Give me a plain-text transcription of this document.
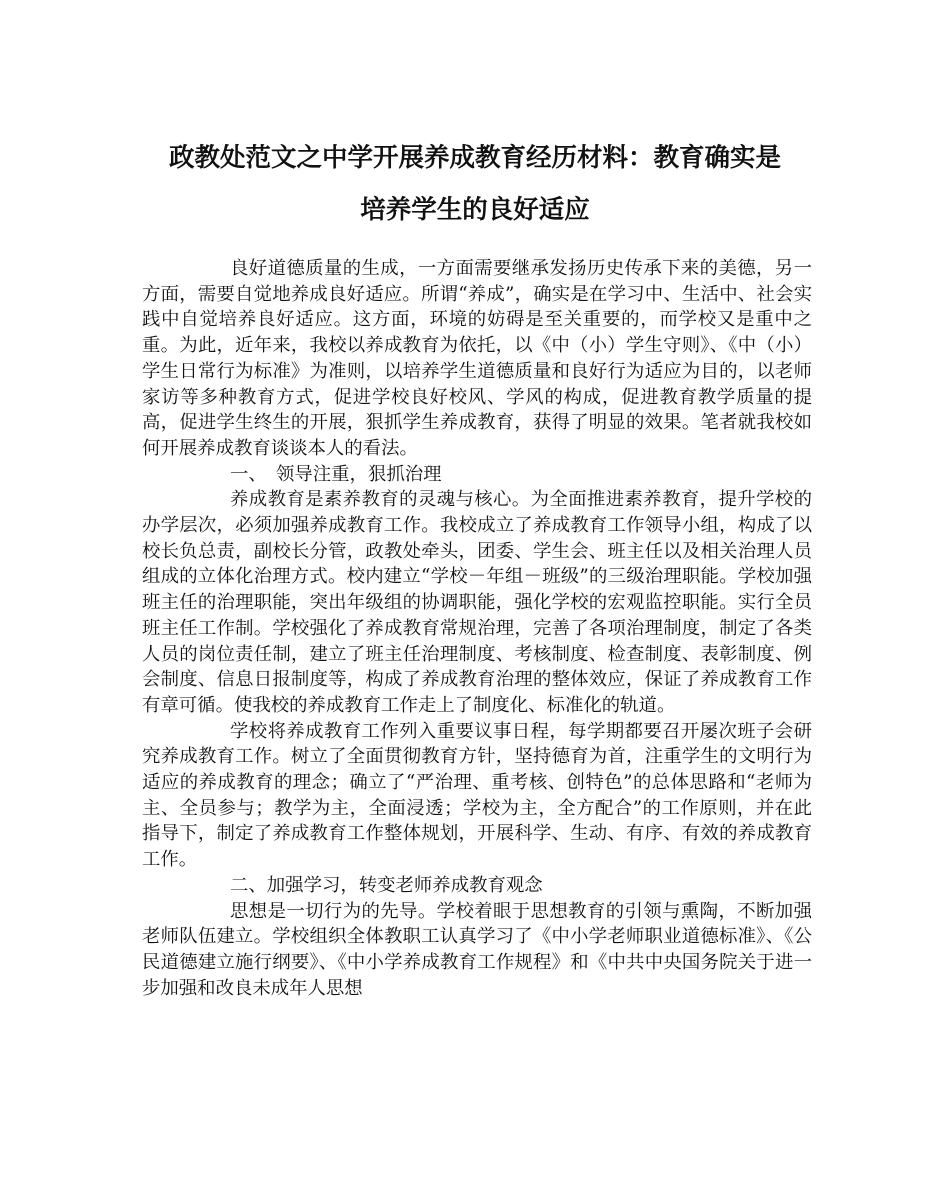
政教处范文之中学开展养成教育经历材料：教育确实是
培养学生的良好适应

良好道德质量的生成，一方面需要继承发扬历史传承下来的美德，另一方面，需要自觉地养成良好适应。所谓“养成”，确实是在学习中、生活中、社会实践中自觉培养良好适应。这方面，环境的妨碍是至关重要的，而学校又是重中之重。为此，近年来，我校以养成教育为依托，以《中（小）学生守则》、《中（小）学生日常行为标准》为准则，以培养学生道德质量和良好行为适应为目的，以老师家访等多种教育方式，促进学校良好校风、学风的构成，促进教育教学质量的提高，促进学生终生的开展，狠抓学生养成教育，获得了明显的效果。笔者就我校如何开展养成教育谈谈本人的看法。

一、　领导注重，狠抓治理

养成教育是素养教育的灵魂与核心。为全面推进素养教育，提升学校的办学层次，必须加强养成教育工作。我校成立了养成教育工作领导小组，构成了以校长负总责，副校长分管，政教处牵头，团委、学生会、班主任以及相关治理人员组成的立体化治理方式。校内建立“学校－年组－班级”的三级治理职能。学校加强班主任的治理职能，突出年级组的协调职能，强化学校的宏观监控职能。实行全员班主任工作制。学校强化了养成教育常规治理，完善了各项治理制度，制定了各类人员的岗位责任制，建立了班主任治理制度、考核制度、检查制度、表彰制度、例会制度、信息日报制度等，构成了养成教育治理的整体效应，保证了养成教育工作有章可循。使我校的养成教育工作走上了制度化、标准化的轨道。

学校将养成教育工作列入重要议事日程，每学期都要召开屡次班子会研究养成教育工作。树立了全面贯彻教育方针，坚持德育为首，注重学生的文明行为适应的养成教育的理念；确立了“严治理、重考核、创特色”的总体思路和“老师为主、全员参与；教学为主，全面浸透；学校为主，全方配合”的工作原则，并在此指导下，制定了养成教育工作整体规划，开展科学、生动、有序、有效的养成教育工作。

二、加强学习，转变老师养成教育观念

思想是一切行为的先导。学校着眼于思想教育的引领与熏陶，不断加强老师队伍建立。学校组织全体教职工认真学习了《中小学老师职业道德标准》、《公民道德建立施行纲要》、《中小学养成教育工作规程》和《中共中央国务院关于进一步加强和改良未成年人思想
